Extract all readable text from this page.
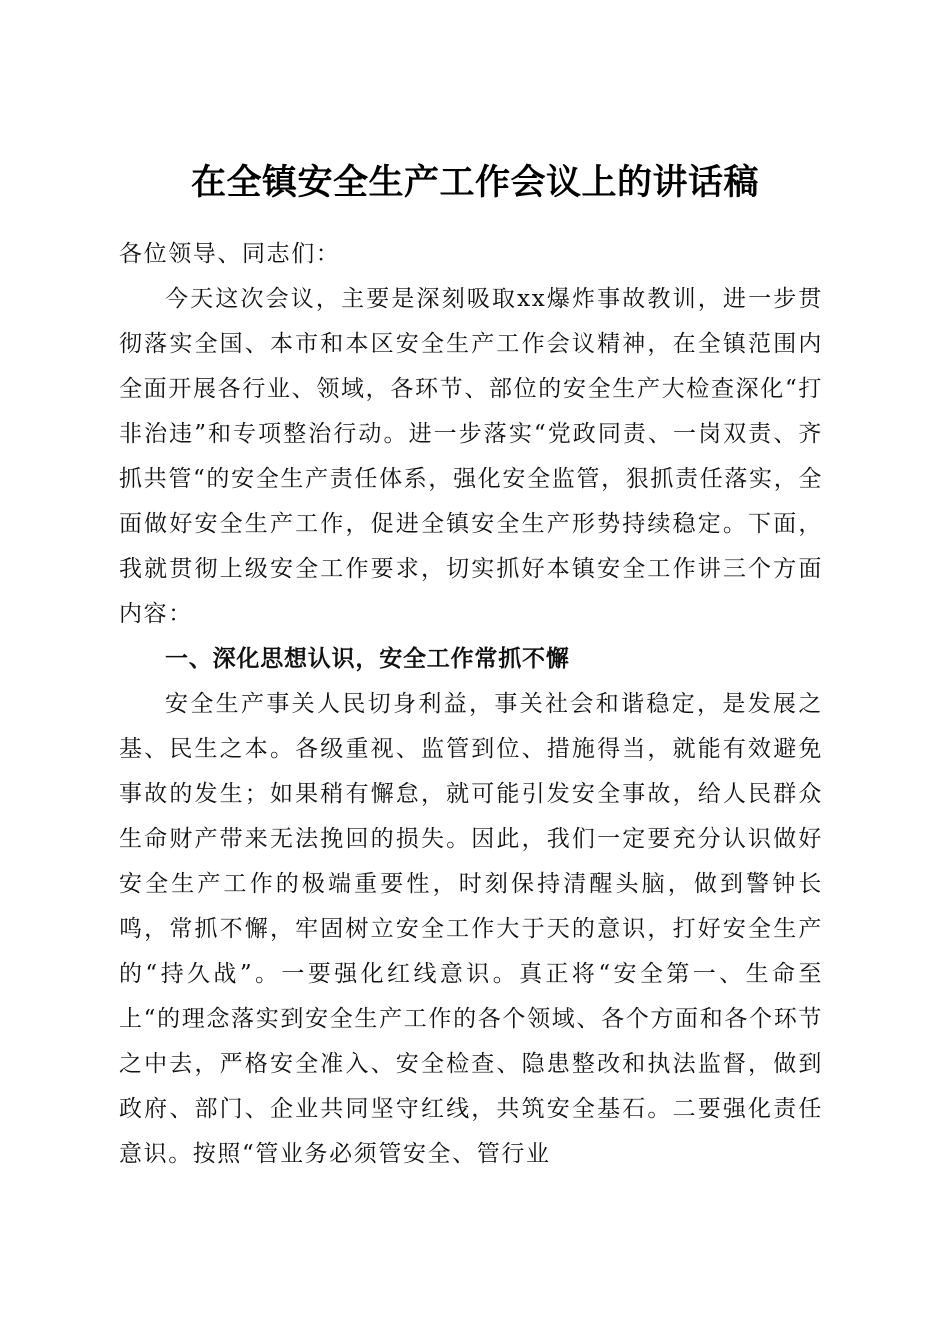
在全镇安全生产工作会议上的讲话稿

各位领导、同志们：

今天这次会议，主要是深刻吸取xx爆炸事故教训，进一步贯彻落实全国、本市和本区安全生产工作会议精神，在全镇范围内全面开展各行业、领域，各环节、部位的安全生产大检查深化“打非治违”和专项整治行动。进一步落实“党政同责、一岗双责、齐抓共管“的安全生产责任体系，强化安全监管，狠抓责任落实，全面做好安全生产工作，促进全镇安全生产形势持续稳定。下面，我就贯彻上级安全工作要求，切实抓好本镇安全工作讲三个方面内容：

一、深化思想认识，安全工作常抓不懈

安全生产事关人民切身利益，事关社会和谐稳定，是发展之基、民生之本。各级重视、监管到位、措施得当，就能有效避免事故的发生；如果稍有懈怠，就可能引发安全事故，给人民群众生命财产带来无法挽回的损失。因此，我们一定要充分认识做好安全生产工作的极端重要性，时刻保持清醒头脑，做到警钟长鸣，常抓不懈，牢固树立安全工作大于天的意识，打好安全生产的“持久战”。一要强化红线意识。真正将“安全第一、生命至上“的理念落实到安全生产工作的各个领域、各个方面和各个环节之中去，严格安全准入、安全检查、隐患整改和执法监督，做到政府、部门、企业共同坚守红线，共筑安全基石。二要强化责任意识。按照“管业务必须管安全、管行业
